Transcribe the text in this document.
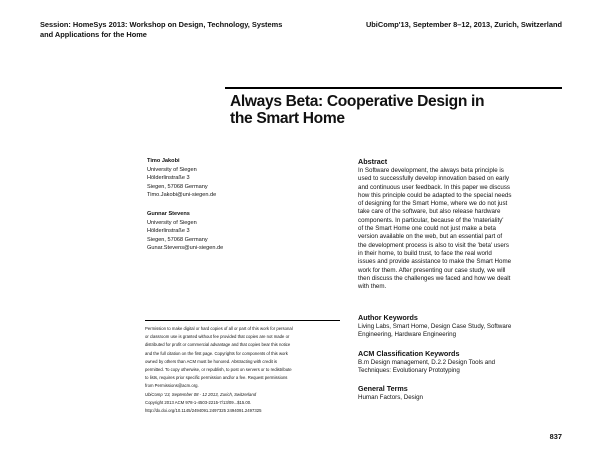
Session: HomeSys 2013: Workshop on Design, Technology, Systems
and Applications for the Home
UbiComp'13, September 8–12, 2013, Zurich, Switzerland
Always Beta: Cooperative Design in
the Smart Home
Timo Jakobi
University of Siegen
Hölderlinstraße 3
Siegen, 57068 Germany
Timo.Jakobi@uni-siegen.de
Gunnar Stevens
University of Siegen
Hölderlinstraße 3
Siegen, 57068 Germany
Gunar.Stevens@uni-siegen.de
Permission to make digital or hard copies of all or part of this work for personal
or classroom use is granted without fee provided that copies are not made or
distributed for profit or commercial advantage and that copies bear this notice
and the full citation on the first page. Copyrights for components of this work
owned by others than ACM must be honored. Abstracting with credit is
permitted. To copy otherwise, or republish, to post on servers or to redistribute
to lists, requires prior specific permission and/or a fee. Request permissions
from Permissions@acm.org.
UbiComp '13, September 08 - 12 2013, Zurich, Switzerland
Copyright 2013 ACM 978-1-4503-2215-7/13/09...$15.00.
http://dx.doi.org/10.1145/2494091.2497325 2494091.2497325
Abstract
In Software development, the always beta principle is
used to successfully develop innovation based on early
and continuous user feedback. In this paper we discuss
how this principle could be adapted to the special needs
of designing for the Smart Home, where we do not just
take care of the software, but also release hardware
components. In particular, because of the 'materiality'
of the Smart Home one could not just make a beta
version available on the web, but an essential part of
the development process is also to visit the 'beta' users
in their home, to build trust, to face the real world
issues and provide assistance to make the Smart Home
work for them. After presenting our case study, we will
then discuss the challenges we faced and how we dealt
with them.
Author Keywords
Living Labs, Smart Home, Design Case Study, Software
Engineering, Hardware Engineering
ACM Classification Keywords
B.m Design management, D.2.2 Design Tools and
Techniques: Evolutionary Prototyping
General Terms
Human Factors, Design
837
